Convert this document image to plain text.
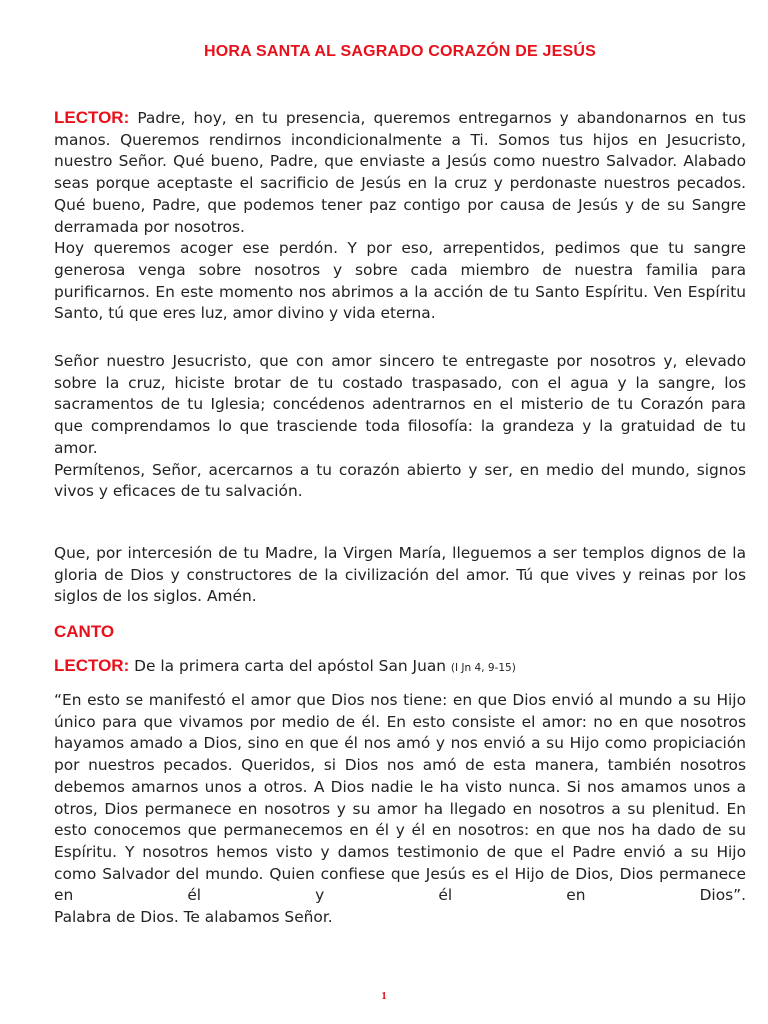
HORA SANTA AL SAGRADO CORAZÓN DE JESÚS

LECTOR: Padre, hoy, en tu presencia, queremos entregarnos y abandonarnos en tus manos. Queremos rendirnos incondicionalmente a Ti. Somos tus hijos en Jesucristo, nuestro Señor. Qué bueno, Padre, que enviaste a Jesús como nuestro Salvador. Alabado seas porque aceptaste el sacrificio de Jesús en la cruz y perdonaste nuestros pecados. Qué bueno, Padre, que podemos tener paz contigo por causa de Jesús y de su Sangre derramada por nosotros.

Hoy queremos acoger ese perdón. Y por eso, arrepentidos, pedimos que tu sangre generosa venga sobre nosotros y sobre cada miembro de nuestra familia para purificarnos. En este momento nos abrimos a la acción de tu Santo Espíritu. Ven Espíritu Santo, tú que eres luz, amor divino y vida eterna.

Señor nuestro Jesucristo, que con amor sincero te entregaste por nosotros y, elevado sobre la cruz, hiciste brotar de tu costado traspasado, con el agua y la sangre, los sacramentos de tu Iglesia; concédenos adentrarnos en el misterio de tu Corazón para que comprendamos lo que trasciende toda filosofía: la grandeza y la gratuidad de tu amor.

Permítenos, Señor, acercarnos a tu corazón abierto y ser, en medio del mundo, signos vivos y eficaces de tu salvación.

Que, por intercesión de tu Madre, la Virgen María, lleguemos a ser templos dignos de la gloria de Dios y constructores de la civilización del amor. Tú que vives y reinas por los siglos de los siglos. Amén.

CANTO
LECTOR: De la primera carta del apóstol San Juan (I Jn 4, 9-15)

“En esto se manifestó el amor que Dios nos tiene: en que Dios envió al mundo a su Hijo único para que vivamos por medio de él. En esto consiste el amor: no en que nosotros hayamos amado a Dios, sino en que él nos amó y nos envió a su Hijo como propiciación por nuestros pecados. Queridos, si Dios nos amó de esta manera, también nosotros debemos amarnos unos a otros. A Dios nadie le ha visto nunca. Si nos amamos unos a otros, Dios permanece en nosotros y su amor ha llegado en nosotros a su plenitud. En esto conocemos que permanecemos en él y él en nosotros: en que nos ha dado de su Espíritu. Y nosotros hemos visto y damos testimonio de que el Padre envió a su Hijo como Salvador del mundo. Quien confiese que Jesús es el Hijo de Dios, Dios permanece en él y él en Dios”.

Palabra de Dios. Te alabamos Señor.

1
